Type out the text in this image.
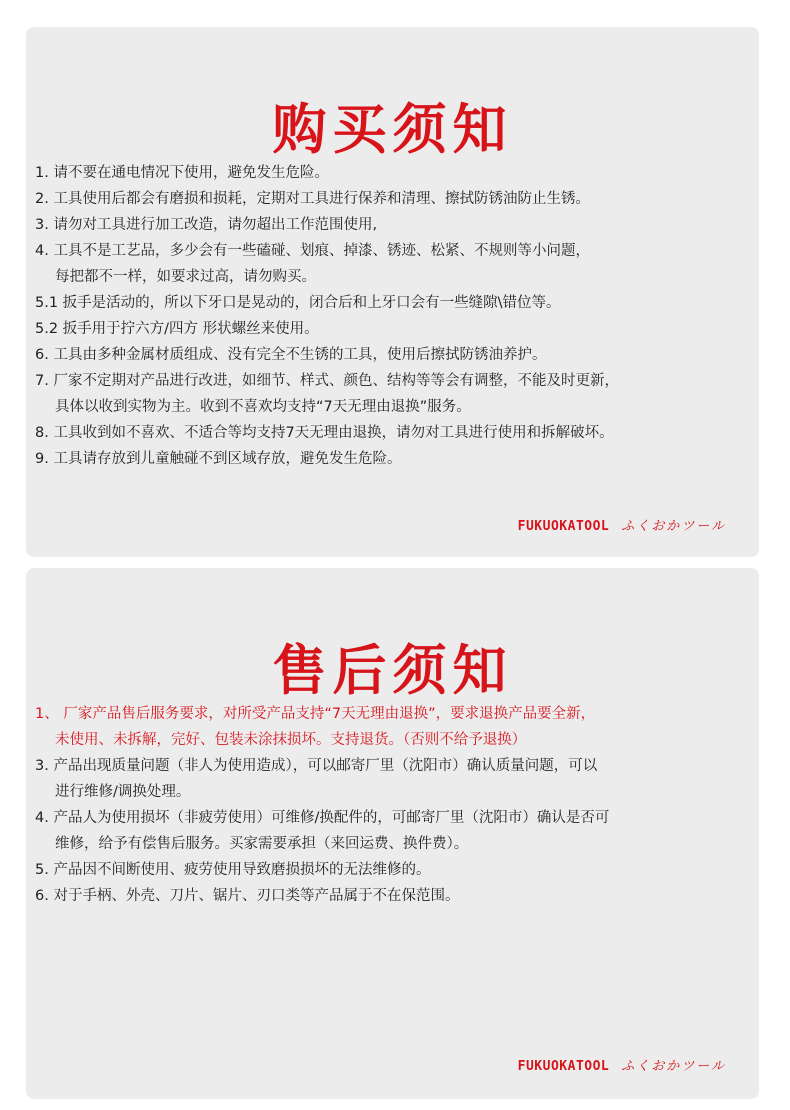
购买须知
1. 请不要在通电情况下使用，避免发生危险。
2. 工具使用后都会有磨损和损耗，定期对工具进行保养和清理、擦拭防锈油防止生锈。
3. 请勿对工具进行加工改造，请勿超出工作范围使用,
4. 工具不是工艺品，多少会有一些磕碰、划痕、掉漆、锈迹、松紧、不规则等小问题，
每把都不一样，如要求过高，请勿购买。
5.1 扳手是活动的，所以下牙口是晃动的，闭合后和上牙口会有一些缝隙\错位等。
5.2 扳手用于拧六方/四方 形状螺丝来使用。
6. 工具由多种金属材质组成、没有完全不生锈的工具，使用后擦拭防锈油养护。
7. 厂家不定期对产品进行改进，如细节、样式、颜色、结构等等会有调整，不能及时更新，
具体以收到实物为主。收到不喜欢均支持“7天无理由退换”服务。
8. 工具收到如不喜欢、不适合等均支持7天无理由退换，请勿对工具进行使用和拆解破坏。
9. 工具请存放到儿童触碰不到区域存放，避免发生危险。
FUKUOKATOOL ふくおかツール
售后须知
1、 厂家产品售后服务要求，对所受产品支持“7天无理由退换”，要求退换产品要全新，
未使用、未拆解，完好、包装未涂抹损坏。支持退货。（否则不给予退换）
3. 产品出现质量问题（非人为使用造成），可以邮寄厂里（沈阳市）确认质量问题，可以
进行维修/调换处理。
4. 产品人为使用损坏（非疲劳使用）可维修/换配件的，可邮寄厂里（沈阳市）确认是否可
维修，给予有偿售后服务。买家需要承担（来回运费、换件费）。
5. 产品因不间断使用、疲劳使用导致磨损损坏的无法维修的。
6. 对于手柄、外壳、刀片、锯片、刃口类等产品属于不在保范围。
FUKUOKATOOL ふくおかツール
